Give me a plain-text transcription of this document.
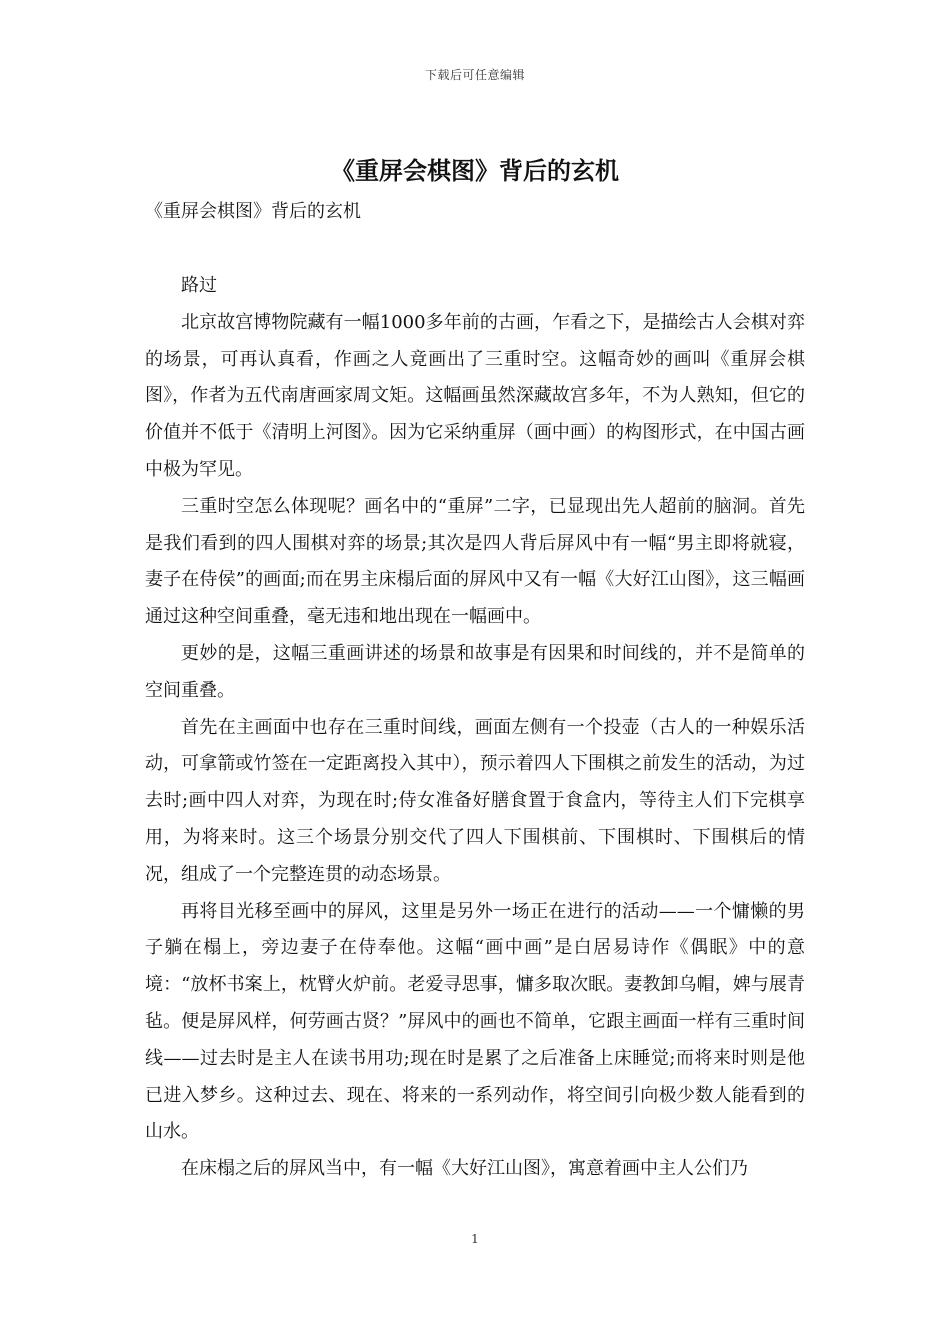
下载后可任意编辑
《重屏会棋图》背后的玄机
《重屏会棋图》背后的玄机

路过

北京故宫博物院藏有一幅1000多年前的古画，乍看之下，是描绘古人会棋对弈的场景，可再认真看，作画之人竟画出了三重时空。这幅奇妙的画叫《重屏会棋图》，作者为五代南唐画家周文矩。这幅画虽然深藏故宫多年，不为人熟知，但它的价值并不低于《清明上河图》。因为它采纳重屏（画中画）的构图形式，在中国古画中极为罕见。

三重时空怎么体现呢？画名中的“重屏”二字，已显现出先人超前的脑洞。首先是我们看到的四人围棋对弈的场景;其次是四人背后屏风中有一幅“男主即将就寝，妻子在侍侯”的画面;而在男主床榻后面的屏风中又有一幅《大好江山图》，这三幅画通过这种空间重叠，毫无违和地出现在一幅画中。

更妙的是，这幅三重画讲述的场景和故事是有因果和时间线的，并不是简单的空间重叠。

首先在主画面中也存在三重时间线，画面左侧有一个投壶（古人的一种娱乐活动，可拿箭或竹签在一定距离投入其中），预示着四人下围棋之前发生的活动，为过去时;画中四人对弈，为现在时;侍女准备好膳食置于食盒内，等待主人们下完棋享用，为将来时。这三个场景分别交代了四人下围棋前、下围棋时、下围棋后的情况，组成了一个完整连贯的动态场景。

再将目光移至画中的屏风，这里是另外一场正在进行的活动——一个慵懒的男子躺在榻上，旁边妻子在侍奉他。这幅“画中画”是白居易诗作《偶眠》中的意境：“放杯书案上，枕臂火炉前。老爱寻思事，慵多取次眠。妻教卸乌帽，婢与展青毡。便是屏风样，何劳画古贤？”屏风中的画也不简单，它跟主画面一样有三重时间线——过去时是主人在读书用功;现在时是累了之后准备上床睡觉;而将来时则是他已进入梦乡。这种过去、现在、将来的一系列动作，将空间引向极少数人能看到的山水。

在床榻之后的屏风当中，有一幅《大好江山图》，寓意着画中主人公们乃

1
